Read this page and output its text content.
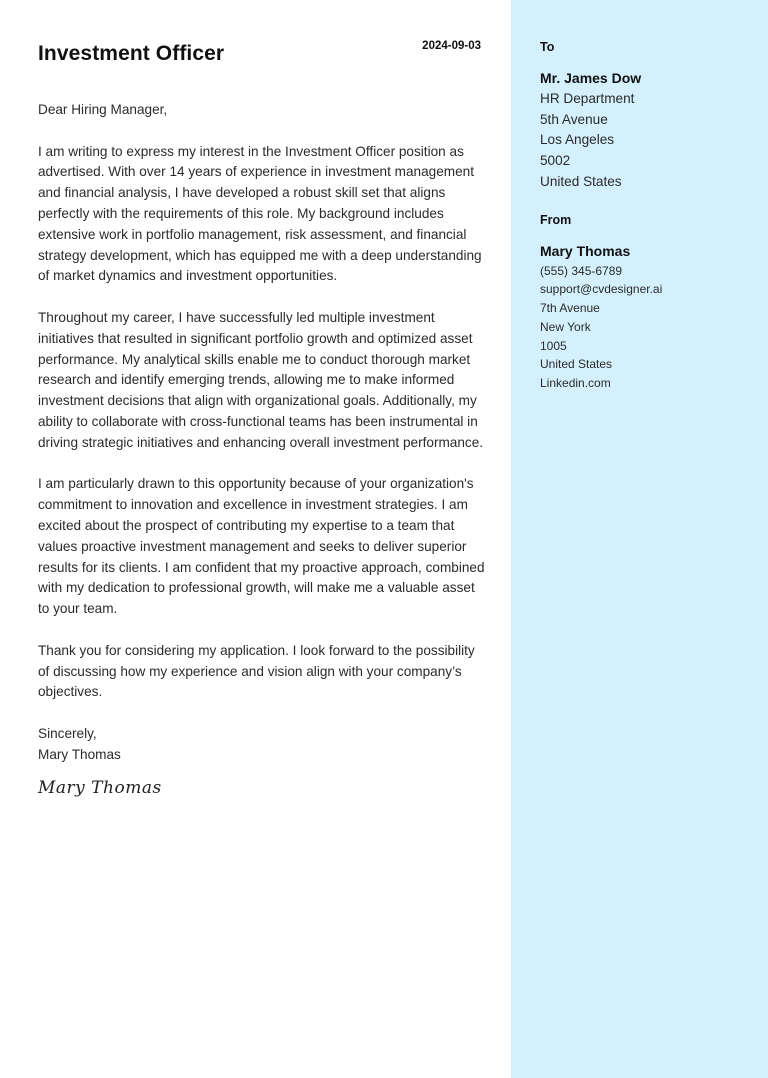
Investment Officer	2024-09-03

Dear Hiring Manager,

I am writing to express my interest in the Investment Officer position as advertised. With over 14 years of experience in investment management and financial analysis, I have developed a robust skill set that aligns perfectly with the requirements of this role. My background includes extensive work in portfolio management, risk assessment, and financial strategy development, which has equipped me with a deep understanding of market dynamics and investment opportunities.

Throughout my career, I have successfully led multiple investment initiatives that resulted in significant portfolio growth and optimized asset performance. My analytical skills enable me to conduct thorough market research and identify emerging trends, allowing me to make informed investment decisions that align with organizational goals. Additionally, my ability to collaborate with cross-functional teams has been instrumental in driving strategic initiatives and enhancing overall investment performance.

I am particularly drawn to this opportunity because of your organization's commitment to innovation and excellence in investment strategies. I am excited about the prospect of contributing my expertise to a team that values proactive investment management and seeks to deliver superior results for its clients. I am confident that my proactive approach, combined with my dedication to professional growth, will make me a valuable asset to your team.

Thank you for considering my application. I look forward to the possibility of discussing how my experience and vision align with your company’s objectives.

Sincerely,
Mary Thomas
Mary Thomas
To
Mr. James Dow
HR Department
5th Avenue
Los Angeles
5002
United States
From
Mary Thomas
(555) 345-6789
support@cvdesigner.ai
7th Avenue
New York
1005
United States
Linkedin.com
